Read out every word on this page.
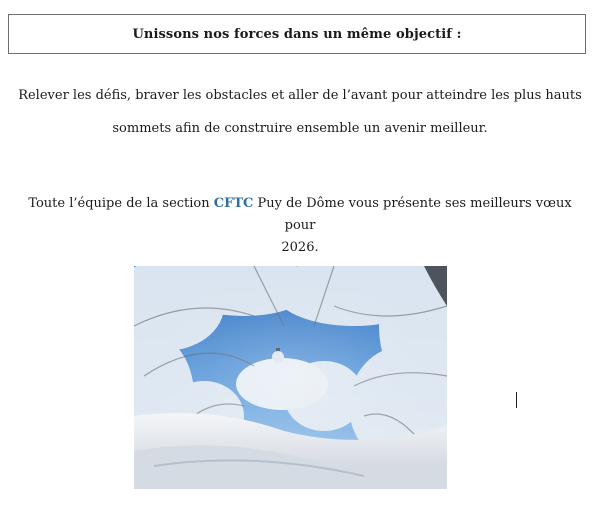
Unissons nos forces dans un même objectif :
Relever les défis, braver les obstacles et aller de l’avant pour atteindre les plus hauts
sommets afin de construire ensemble un avenir meilleur.
Toute l’équipe de la section CFTC Puy de Dôme vous présente ses meilleurs vœux pour
2026.
